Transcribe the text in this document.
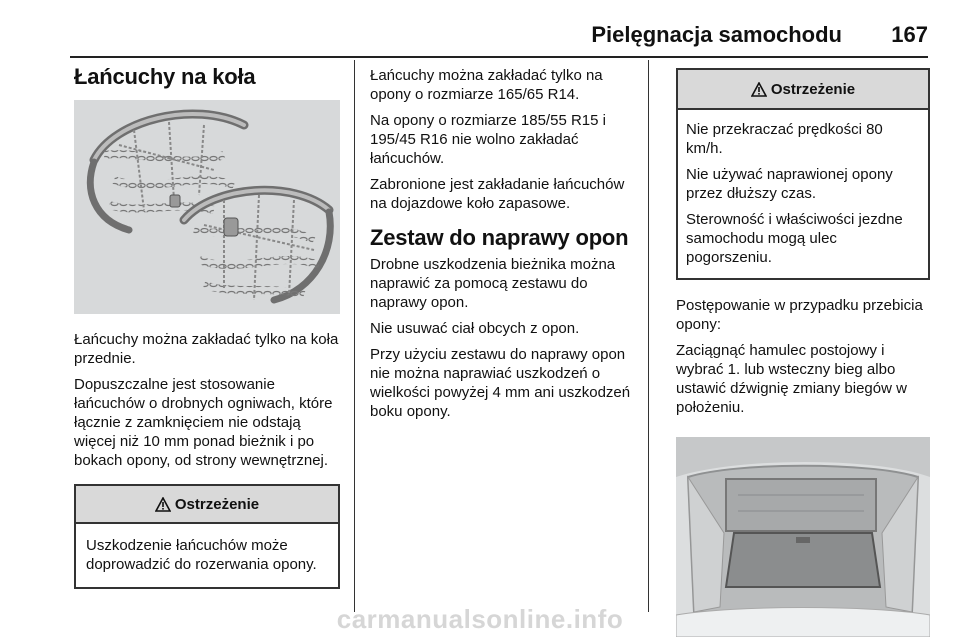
Pielęgnacja samochodu	167
Łańcuchy na koła

Łańcuchy można zakładać tylko na koła przednie.

Dopuszczalne jest stosowanie łańcuchów o drobnych ogniwach, które łącznie z zamknięciem nie odstają więcej niż 10 mm ponad bieżnik i po bokach opony, od strony wewnętrznej.

Ostrzeżenie

Uszkodzenie łańcuchów może doprowadzić do rozerwania opony.

Łańcuchy można zakładać tylko na opony o rozmiarze 165/65 R14.

Na opony o rozmiarze 185/55 R15 i 195/45 R16 nie wolno zakładać łańcuchów.

Zabronione jest zakładanie łańcuchów na dojazdowe koło zapasowe.

Zestaw do naprawy opon

Drobne uszkodzenia bieżnika można naprawić za pomocą zestawu do naprawy opon.

Nie usuwać ciał obcych z opon.

Przy użyciu zestawu do naprawy opon nie można naprawiać uszkodzeń o wielkości powyżej 4 mm ani uszkodzeń boku opony.

Ostrzeżenie

Nie przekraczać prędkości 80 km/h.

Nie używać naprawionej opony przez dłuższy czas.

Sterowność i właściwości jezdne samochodu mogą ulec pogorszeniu.

Postępowanie w przypadku przebicia opony:

Zaciągnąć hamulec postojowy i wybrać 1. lub wsteczny bieg albo ustawić dźwignię zmiany biegów w położeniu.

carmanualsonline.info
